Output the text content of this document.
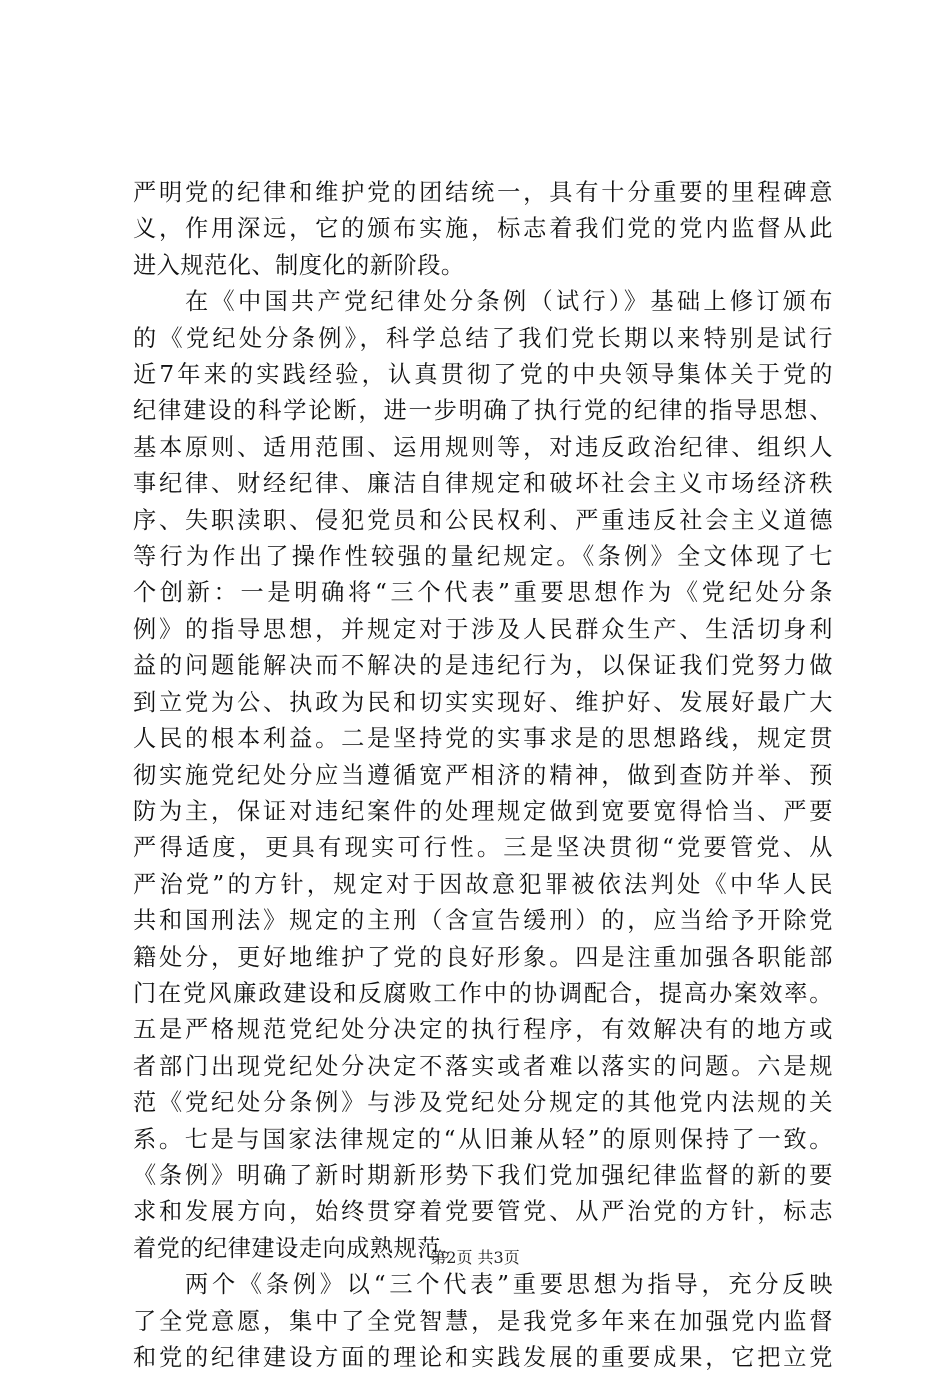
严明党的纪律和维护党的团结统一，具有十分重要的里程碑意
义，作用深远，它的颁布实施，标志着我们党的党内监督从此
进入规范化、制度化的新阶段。
在《中国共产党纪律处分条例（试行）》基础上修订颁布
的《党纪处分条例》，科学总结了我们党长期以来特别是试行
近7年来的实践经验，认真贯彻了党的中央领导集体关于党的
纪律建设的科学论断，进一步明确了执行党的纪律的指导思想、
基本原则、适用范围、运用规则等，对违反政治纪律、组织人
事纪律、财经纪律、廉洁自律规定和破坏社会主义市场经济秩
序、失职渎职、侵犯党员和公民权利、严重违反社会主义道德
等行为作出了操作性较强的量纪规定。《条例》全文体现了七
个创新：一是明确将“三个代表”重要思想作为《党纪处分条
例》的指导思想，并规定对于涉及人民群众生产、生活切身利
益的问题能解决而不解决的是违纪行为，以保证我们党努力做
到立党为公、执政为民和切实实现好、维护好、发展好最广大
人民的根本利益。二是坚持党的实事求是的思想路线，规定贯
彻实施党纪处分应当遵循宽严相济的精神，做到查防并举、预
防为主，保证对违纪案件的处理规定做到宽要宽得恰当、严要
严得适度，更具有现实可行性。三是坚决贯彻“党要管党、从
严治党”的方针，规定对于因故意犯罪被依法判处《中华人民
共和国刑法》规定的主刑（含宣告缓刑）的，应当给予开除党
籍处分，更好地维护了党的良好形象。四是注重加强各职能部
门在党风廉政建设和反腐败工作中的协调配合，提高办案效率。
五是严格规范党纪处分决定的执行程序，有效解决有的地方或
者部门出现党纪处分决定不落实或者难以落实的问题。六是规
范《党纪处分条例》与涉及党纪处分规定的其他党内法规的关
系。七是与国家法律规定的“从旧兼从轻”的原则保持了一致。
《条例》明确了新时期新形势下我们党加强纪律监督的新的要
求和发展方向，始终贯穿着党要管党、从严治党的方针，标志
着党的纪律建设走向成熟规范。
两个《条例》以“三个代表”重要思想为指导，充分反映
了全党意愿，集中了全党智慧，是我党多年来在加强党内监督
和党的纪律建设方面的理论和实践发展的重要成果，它把立党
第2页 共3页
